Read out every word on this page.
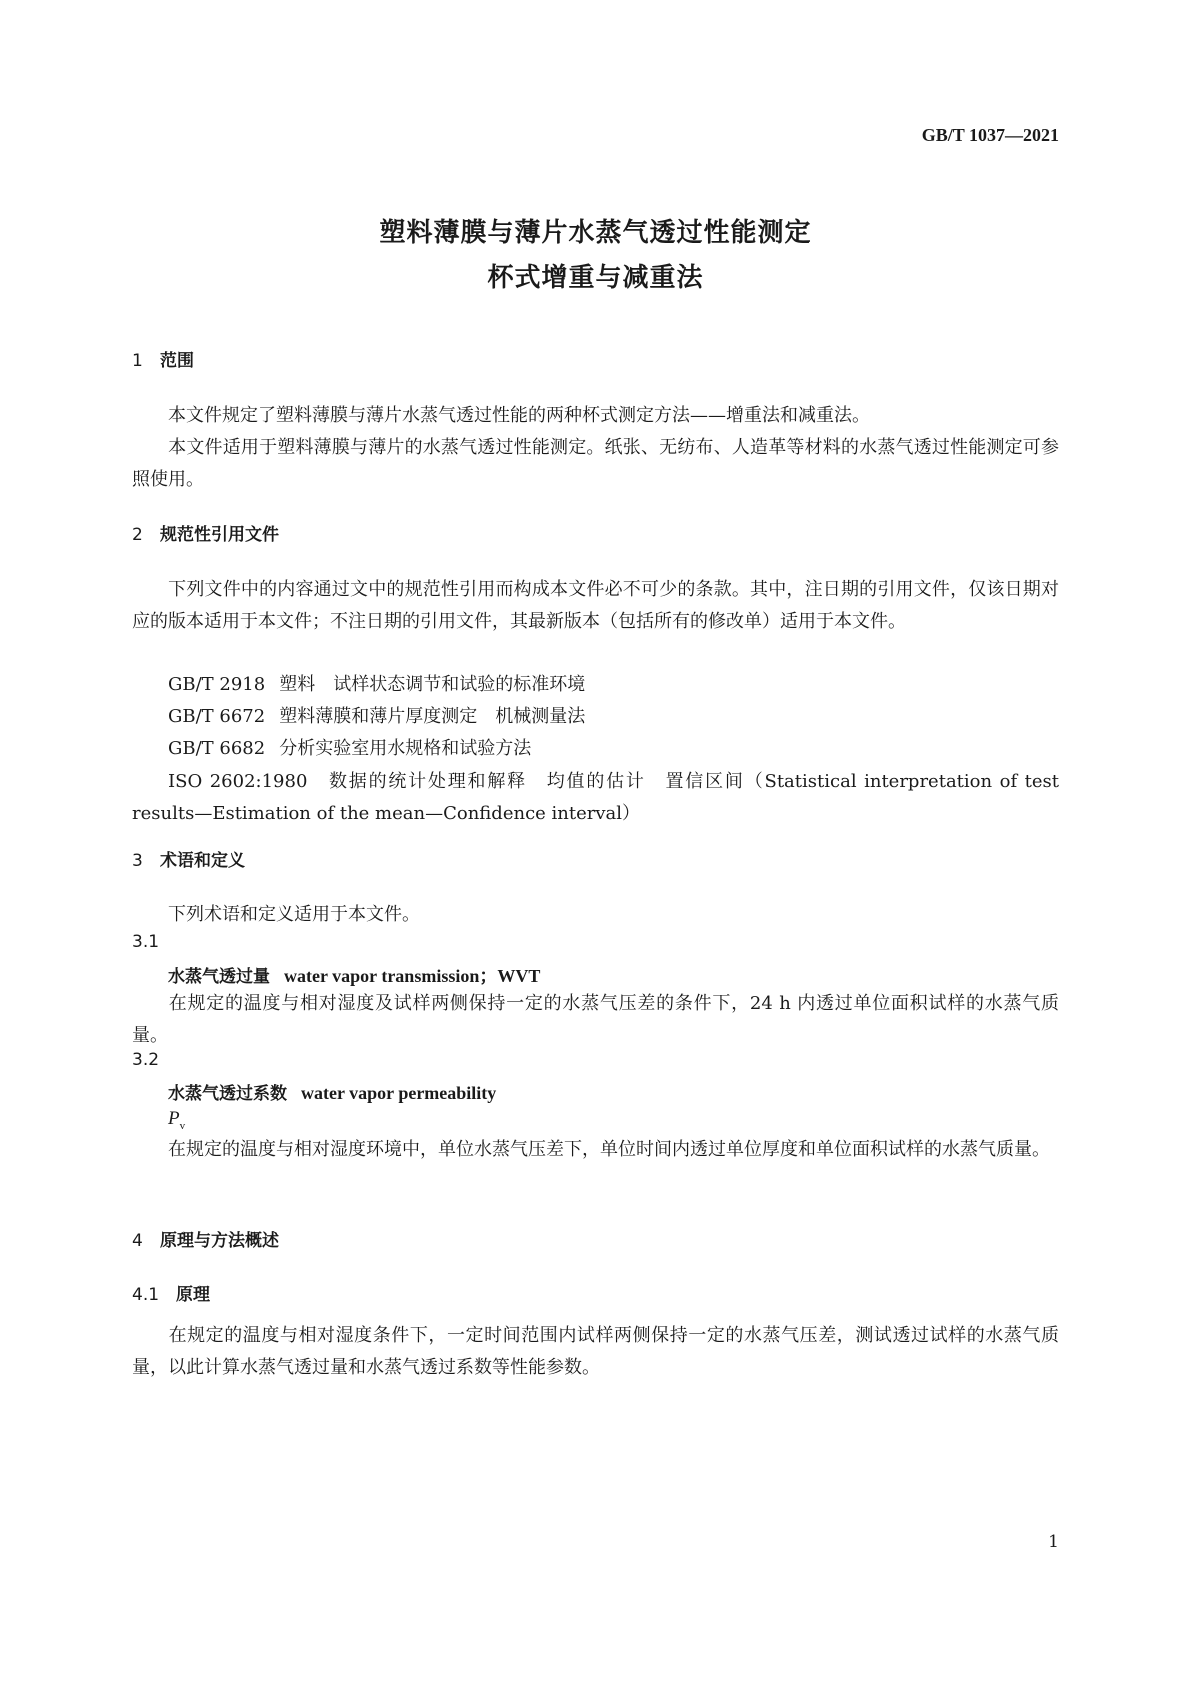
GB/T 1037—2021
塑料薄膜与薄片水蒸气透过性能测定
杯式增重与减重法
1 范围
本文件规定了塑料薄膜与薄片水蒸气透过性能的两种杯式测定方法——增重法和减重法。
本文件适用于塑料薄膜与薄片的水蒸气透过性能测定。纸张、无纺布、人造革等材料的水蒸气透过性能测定可参照使用。
2 规范性引用文件
下列文件中的内容通过文中的规范性引用而构成本文件必不可少的条款。其中，注日期的引用文件，仅该日期对应的版本适用于本文件；不注日期的引用文件，其最新版本（包括所有的修改单）适用于本文件。
GB/T 2918 塑料　试样状态调节和试验的标准环境
GB/T 6672 塑料薄膜和薄片厚度测定　机械测量法
GB/T 6682 分析实验室用水规格和试验方法
ISO 2602:1980　数据的统计处理和解释　均值的估计　置信区间（Statistical interpretation of test results—Estimation of the mean—Confidence interval）
3 术语和定义
下列术语和定义适用于本文件。
3.1
水蒸气透过量 water vapor transmission；WVT
在规定的温度与相对湿度及试样两侧保持一定的水蒸气压差的条件下，24 h 内透过单位面积试样的水蒸气质量。
3.2
水蒸气透过系数 water vapor permeability
$P_v$
在规定的温度与相对湿度环境中，单位水蒸气压差下，单位时间内透过单位厚度和单位面积试样的水蒸气质量。
4 原理与方法概述
4.1 原理
在规定的温度与相对湿度条件下，一定时间范围内试样两侧保持一定的水蒸气压差，测试透过试样的水蒸气质量，以此计算水蒸气透过量和水蒸气透过系数等性能参数。
1
